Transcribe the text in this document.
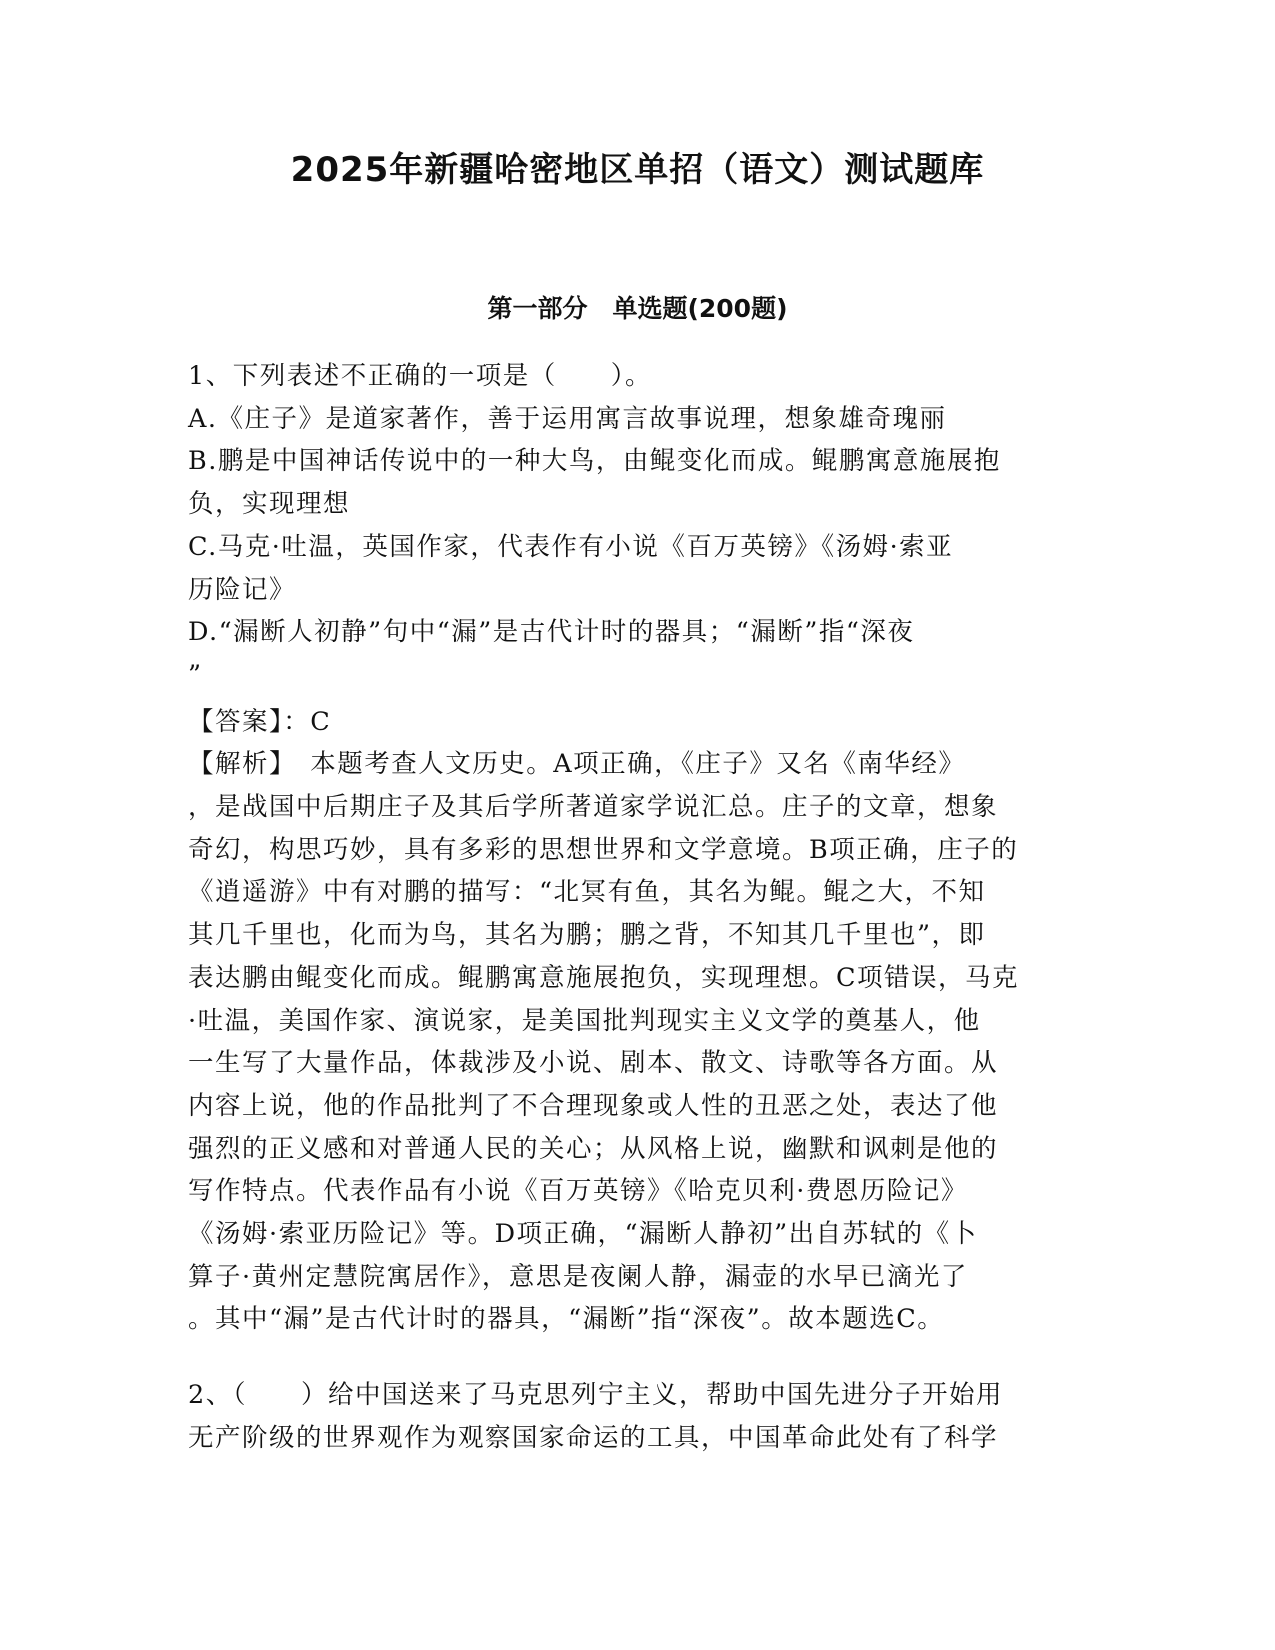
2025年新疆哈密地区单招（语文）测试题库
第一部分　单选题(200题)

1、下列表述不正确的一项是（　　）。

A.《庄子》是道家著作，善于运用寓言故事说理，想象雄奇瑰丽

B.鹏是中国神话传说中的一种大鸟，由鲲变化而成。鲲鹏寓意施展抱

负，实现理想

C.马克·吐温，英国作家，代表作有小说《百万英镑》《汤姆·索亚

历险记》

D.“漏断人初静”句中“漏”是古代计时的器具；“漏断”指“深夜

”

【答案】：C

【解析】　本题考查人文历史。A项正确，《庄子》又名《南华经》

，是战国中后期庄子及其后学所著道家学说汇总。庄子的文章，想象

奇幻，构思巧妙，具有多彩的思想世界和文学意境。B项正确，庄子的

《逍遥游》中有对鹏的描写：“北冥有鱼，其名为鲲。鲲之大，不知

其几千里也，化而为鸟，其名为鹏；鹏之背，不知其几千里也”，即

表达鹏由鲲变化而成。鲲鹏寓意施展抱负，实现理想。C项错误，马克

·吐温，美国作家、演说家，是美国批判现实主义文学的奠基人，他

一生写了大量作品，体裁涉及小说、剧本、散文、诗歌等各方面。从

内容上说，他的作品批判了不合理现象或人性的丑恶之处，表达了他

强烈的正义感和对普通人民的关心；从风格上说，幽默和讽刺是他的

写作特点。代表作品有小说《百万英镑》《哈克贝利·费恩历险记》

《汤姆·索亚历险记》等。D项正确，“漏断人静初”出自苏轼的《卜

算子·黄州定慧院寓居作》，意思是夜阑人静，漏壶的水早已滴光了

。其中“漏”是古代计时的器具，“漏断”指“深夜”。故本题选C。

2、（　　）给中国送来了马克思列宁主义，帮助中国先进分子开始用

无产阶级的世界观作为观察国家命运的工具，中国革命此处有了科学
